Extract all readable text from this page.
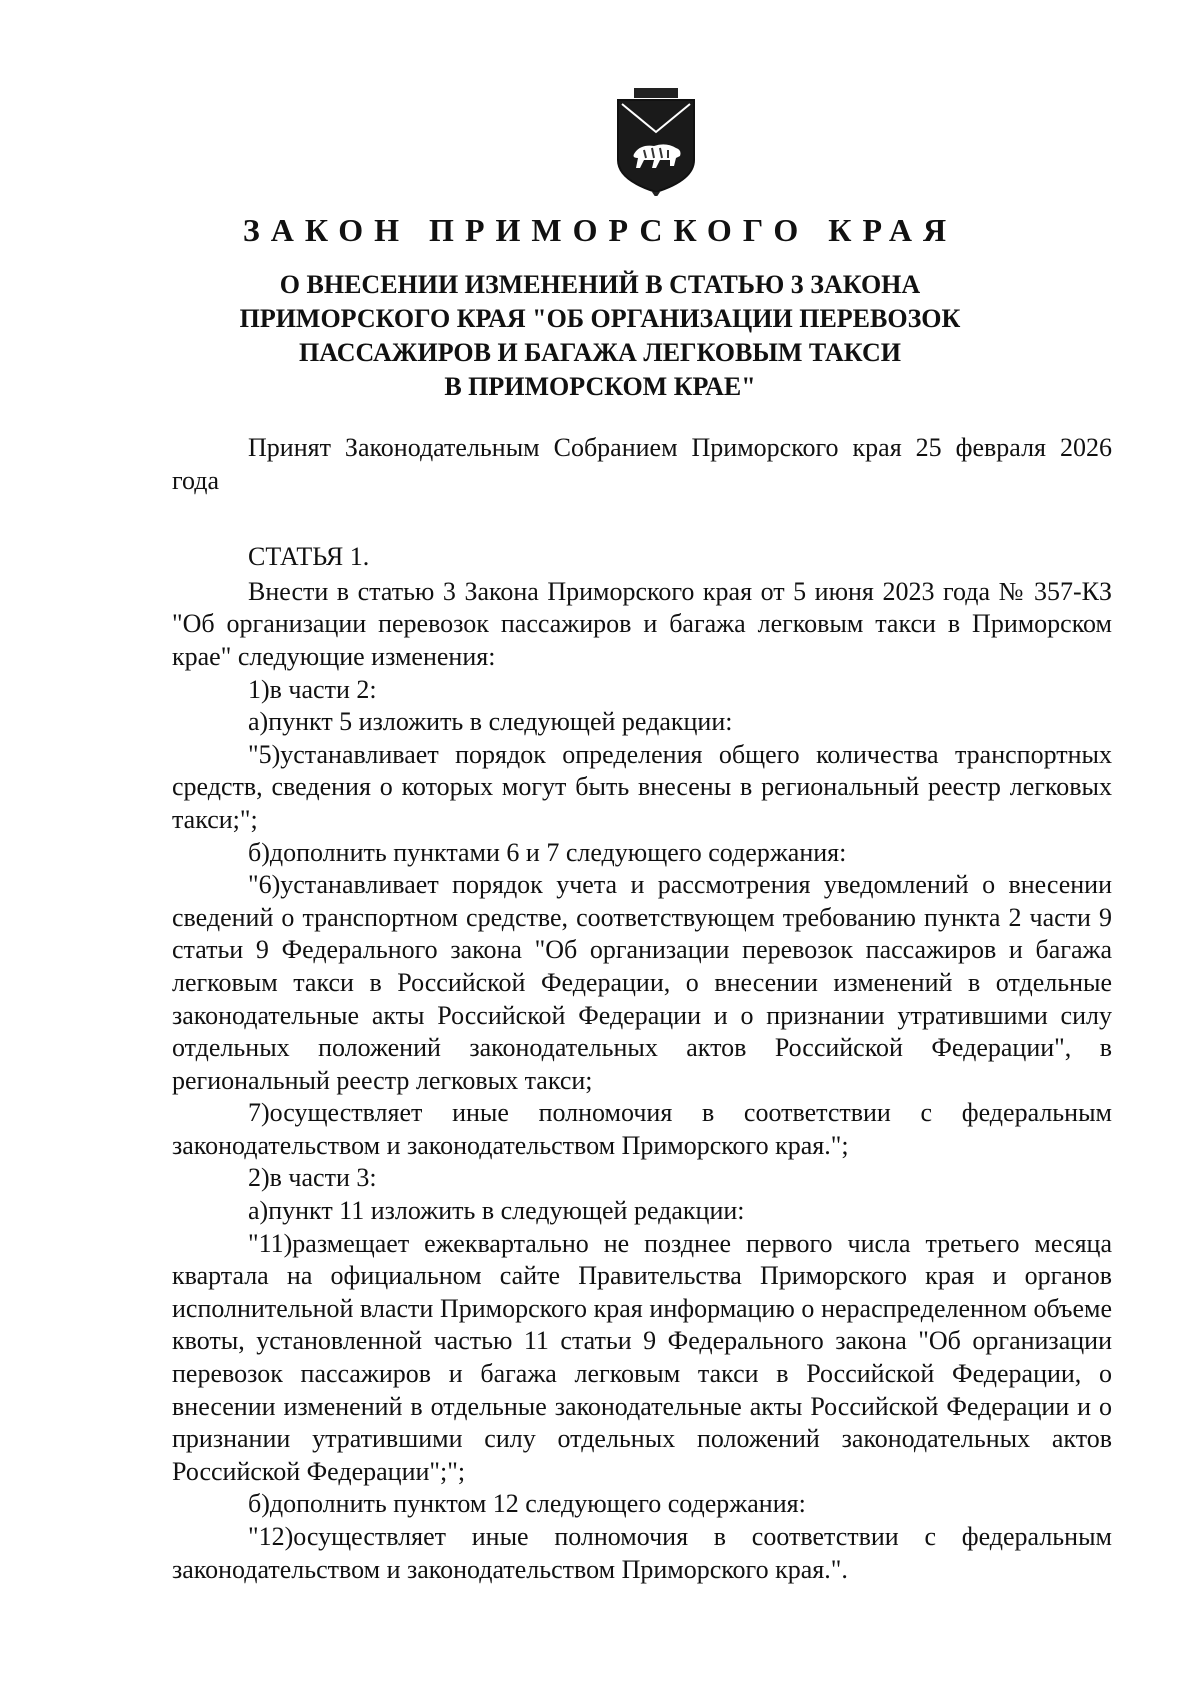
ЗАКОН ПРИМОРСКОГО КРАЯ
О ВНЕСЕНИИ ИЗМЕНЕНИЙ В СТАТЬЮ 3 ЗАКОНА
ПРИМОРСКОГО КРАЯ "ОБ ОРГАНИЗАЦИИ ПЕРЕВОЗОК
ПАССАЖИРОВ И БАГАЖА ЛЕГКОВЫМ ТАКСИ
В ПРИМОРСКОМ КРАЕ"

Принят Законодательным Собранием Приморского края 25 февраля 2026 года

СТАТЬЯ 1.

Внести в статью 3 Закона Приморского края от 5 июня 2023 года № 357-КЗ "Об организации перевозок пассажиров и багажа легковым такси в Приморском крае" следующие изменения:

1)в части 2:

а)пункт 5 изложить в следующей редакции:

"5)устанавливает порядок определения общего количества транспортных средств, сведения о которых могут быть внесены в региональный реестр легковых такси;";

б)дополнить пунктами 6 и 7 следующего содержания:

"6)устанавливает порядок учета и рассмотрения уведомлений о внесении сведений о транспортном средстве, соответствующем требованию пункта 2 части 9 статьи 9 Федерального закона "Об организации перевозок пассажиров и багажа легковым такси в Российской Федерации, о внесении изменений в отдельные законодательные акты Российской Федерации и о признании утратившими силу отдельных положений законодательных актов Российской Федерации", в региональный реестр легковых такси;

7)осуществляет иные полномочия в соответствии с федеральным законодательством и законодательством Приморского края.";

2)в части 3:

а)пункт 11 изложить в следующей редакции:

"11)размещает ежеквартально не позднее первого числа третьего месяца квартала на официальном сайте Правительства Приморского края и органов исполнительной власти Приморского края информацию о нераспределенном объеме квоты, установленной частью 11 статьи 9 Федерального закона "Об организации перевозок пассажиров и багажа легковым такси в Российской Федерации, о внесении изменений в отдельные законодательные акты Российской Федерации и о признании утратившими силу отдельных положений законодательных актов Российской Федерации";";

б)дополнить пунктом 12 следующего содержания:

"12)осуществляет иные полномочия в соответствии с федеральным законодательством и законодательством Приморского края.".
